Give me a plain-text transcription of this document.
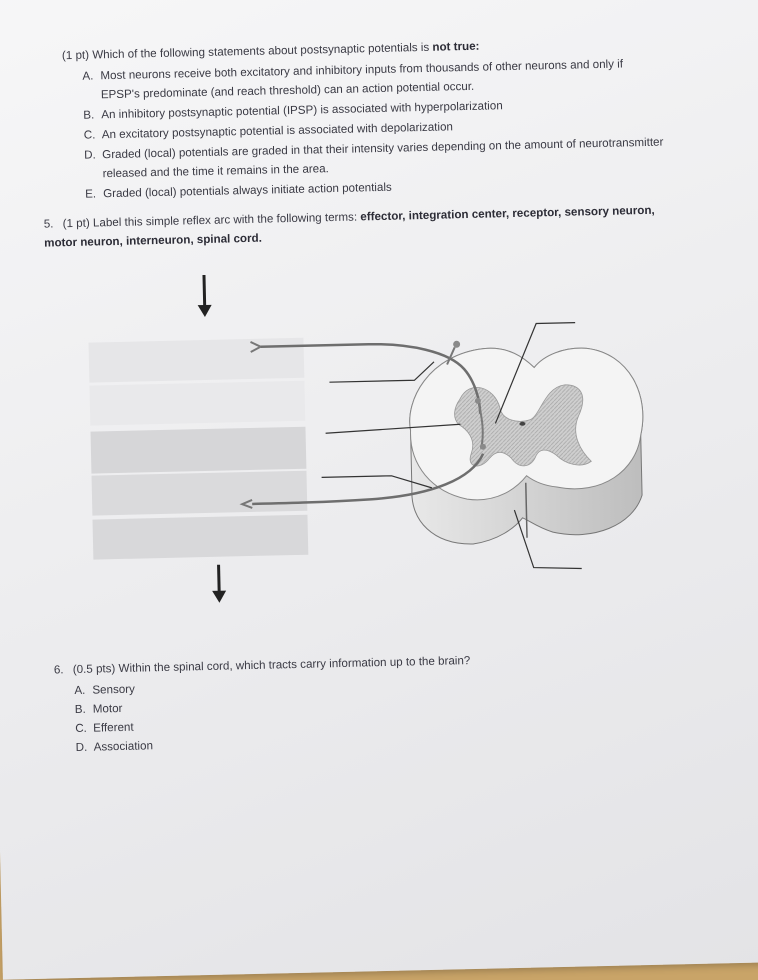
(1 pt) Which of the following statements about postsynaptic potentials is not true:

A. Most neurons receive both excitatory and inhibitory inputs from thousands of other neurons and only if EPSP's predominate (and reach threshold) can an action potential occur.
B. An inhibitory postsynaptic potential (IPSP) is associated with hyperpolarization
C. An excitatory postsynaptic potential is associated with depolarization
D. Graded (local) potentials are graded in that their intensity varies depending on the amount of neurotransmitter released and the time it remains in the area.
E. Graded (local) potentials always initiate action potentials

5. (1 pt) Label this simple reflex arc with the following terms: effector, integration center, receptor, sensory neuron, motor neuron, interneuron, spinal cord.

6. (0.5 pts) Within the spinal cord, which tracts carry information up to the brain?

A. Sensory
B. Motor
C. Efferent
D. Association
